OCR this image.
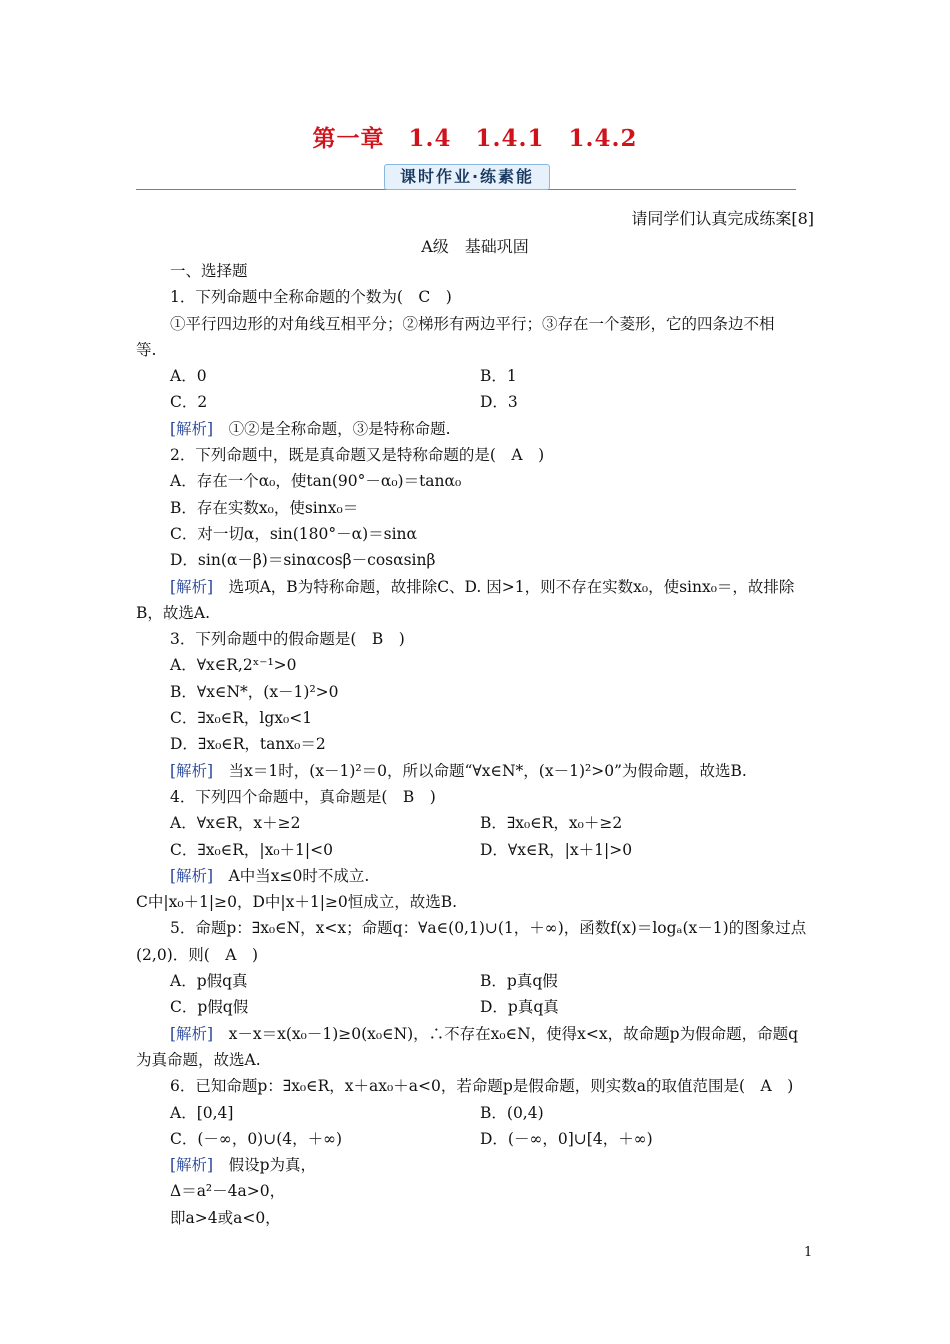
第一章　1.4　1.4.1　1.4.2
课时作业·练素能
请同学们认真完成练案[8]
A级　基础巩固
一、选择题
1．下列命题中全称命题的个数为(　C　)
①平行四边形的对角线互相平分；②梯形有两边平行；③存在一个菱形，它的四条边不相
等.
A．0	B．1
C．2	D．3
[解析]　①②是全称命题，③是特称命题.
2．下列命题中，既是真命题又是特称命题的是(　A　)
A．存在一个α₀，使tan(90°－α₀)＝tanα₀
B．存在实数x₀，使sinx₀＝
C．对一切α，sin(180°－α)＝sinα
D．sin(α－β)＝sinαcosβ－cosαsinβ
[解析]　选项A，B为特称命题，故排除C、D. 因>1，则不存在实数x₀，使sinx₀＝，故排除
B，故选A.
3．下列命题中的假命题是(　B　)
A．∀x∈R,2ˣ⁻¹>0
B．∀x∈N*，(x－1)²>0
C．∃x₀∈R，lgx₀<1
D．∃x₀∈R，tanx₀＝2
[解析]　当x＝1时，(x－1)²＝0，所以命题“∀x∈N*，(x－1)²>0”为假命题，故选B.
4．下列四个命题中，真命题是(　B　)
A．∀x∈R，x＋≥2	B．∃x₀∈R，x₀＋≥2
C．∃x₀∈R，|x₀＋1|<0	D．∀x∈R，|x＋1|>0
[解析]　A中当x≤0时不成立.
C中|x₀＋1|≥0，D中|x＋1|≥0恒成立，故选B.
5．命题p：∃x₀∈N，x<x；命题q：∀a∈(0,1)∪(1，＋∞)，函数f(x)＝logₐ(x－1)的图象过点
(2,0)．则(　A　)
A．p假q真	B．p真q假
C．p假q假	D．p真q真
[解析]　x－x＝x(x₀－1)≥0(x₀∈N)，∴不存在x₀∈N，使得x<x，故命题p为假命题，命题q
为真命题，故选A.
6．已知命题p：∃x₀∈R，x＋ax₀＋a<0，若命题p是假命题，则实数a的取值范围是(　A　)
A．[0,4]	B．(0,4)
C．(－∞，0)∪(4，＋∞)	D．(－∞，0]∪[4，＋∞)
[解析]　假设p为真，
Δ＝a²－4a>0，
即a>4或a<0，
1
